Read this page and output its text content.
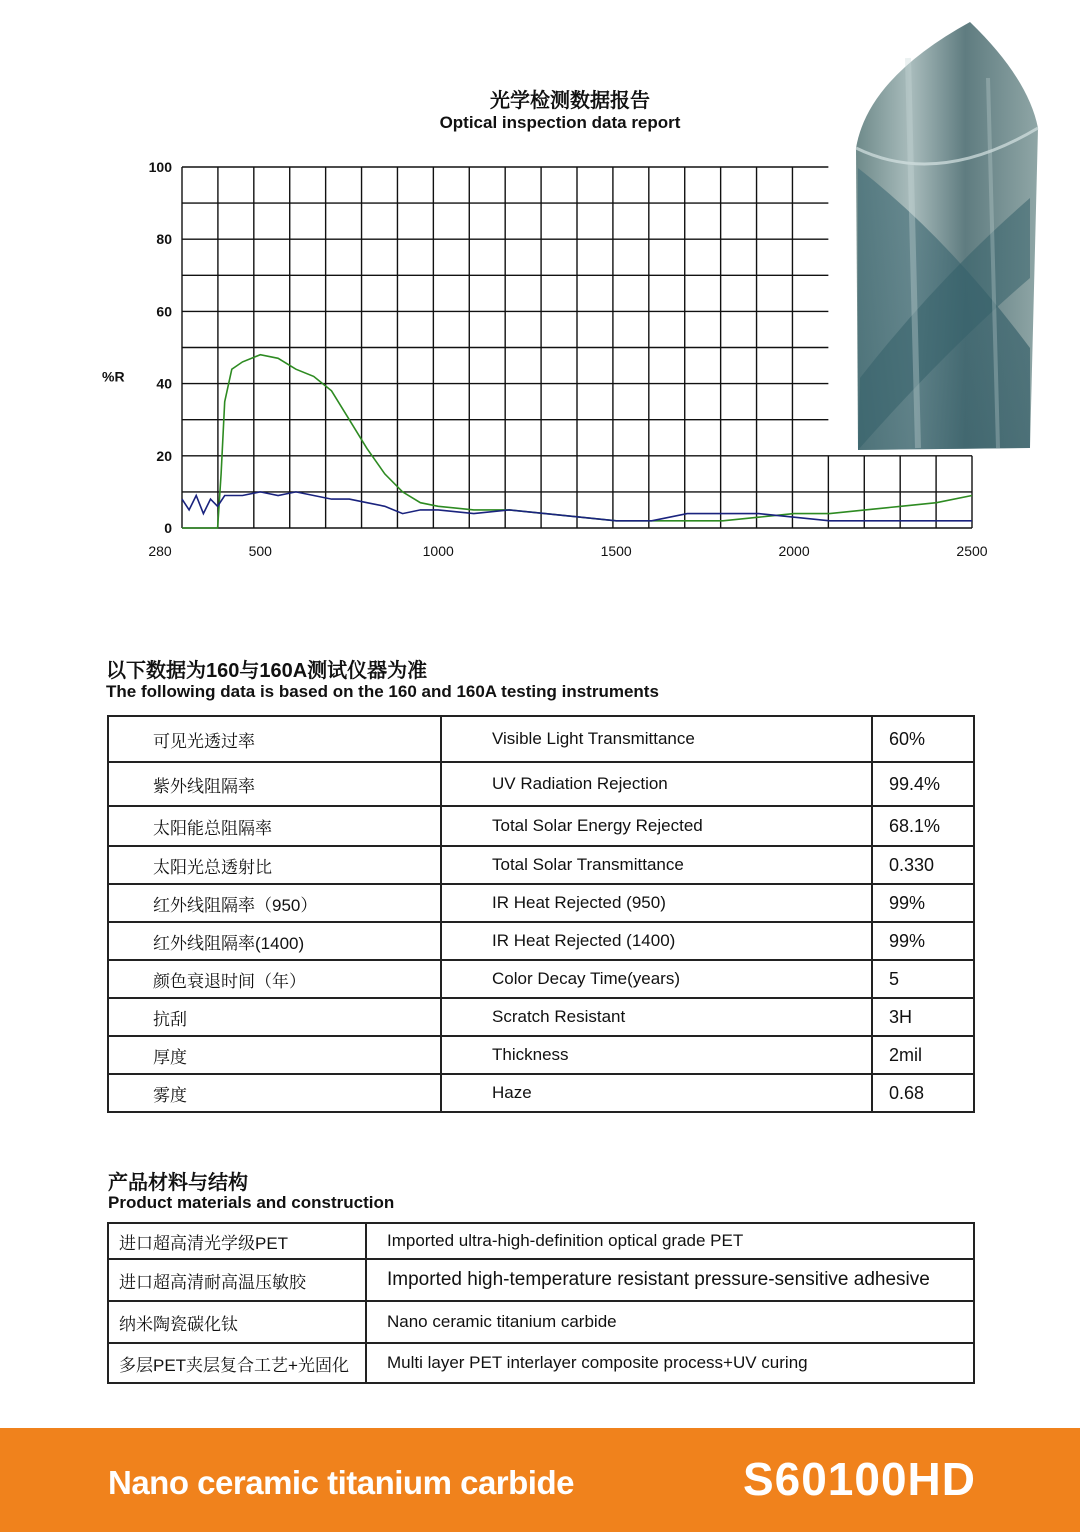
光学检测数据报告
Optical inspection data report
100
80
60
40
20
0
%R
280	500	1000	1500	2000	2500
以下数据为160与160A测试仪器为准
The following data is based on the 160 and 160A testing instruments
可见光透过率	Visible Light Transmittance	60%
紫外线阻隔率	UV Radiation Rejection	99.4%
太阳能总阻隔率	Total Solar Energy Rejected	68.1%
太阳光总透射比	Total Solar Transmittance	0.330
红外线阻隔率（950）	IR Heat Rejected (950)	99%
红外线阻隔率(1400)	IR Heat Rejected (1400)	99%
颜色衰退时间（年）	Color Decay Time(years)	5
抗刮	Scratch Resistant	3H
厚度	Thickness	2mil
雾度	Haze	0.68
产品材料与结构
Product materials and construction
进口超高清光学级PET	Imported ultra-high-definition optical grade PET
进口超高清耐高温压敏胶	Imported high-temperature resistant pressure-sensitive adhesive
纳米陶瓷碳化钛	Nano ceramic titanium carbide
多层PET夹层复合工艺+光固化	Multi layer PET interlayer composite process+UV curing
Nano ceramic titanium carbide	S60100HD
